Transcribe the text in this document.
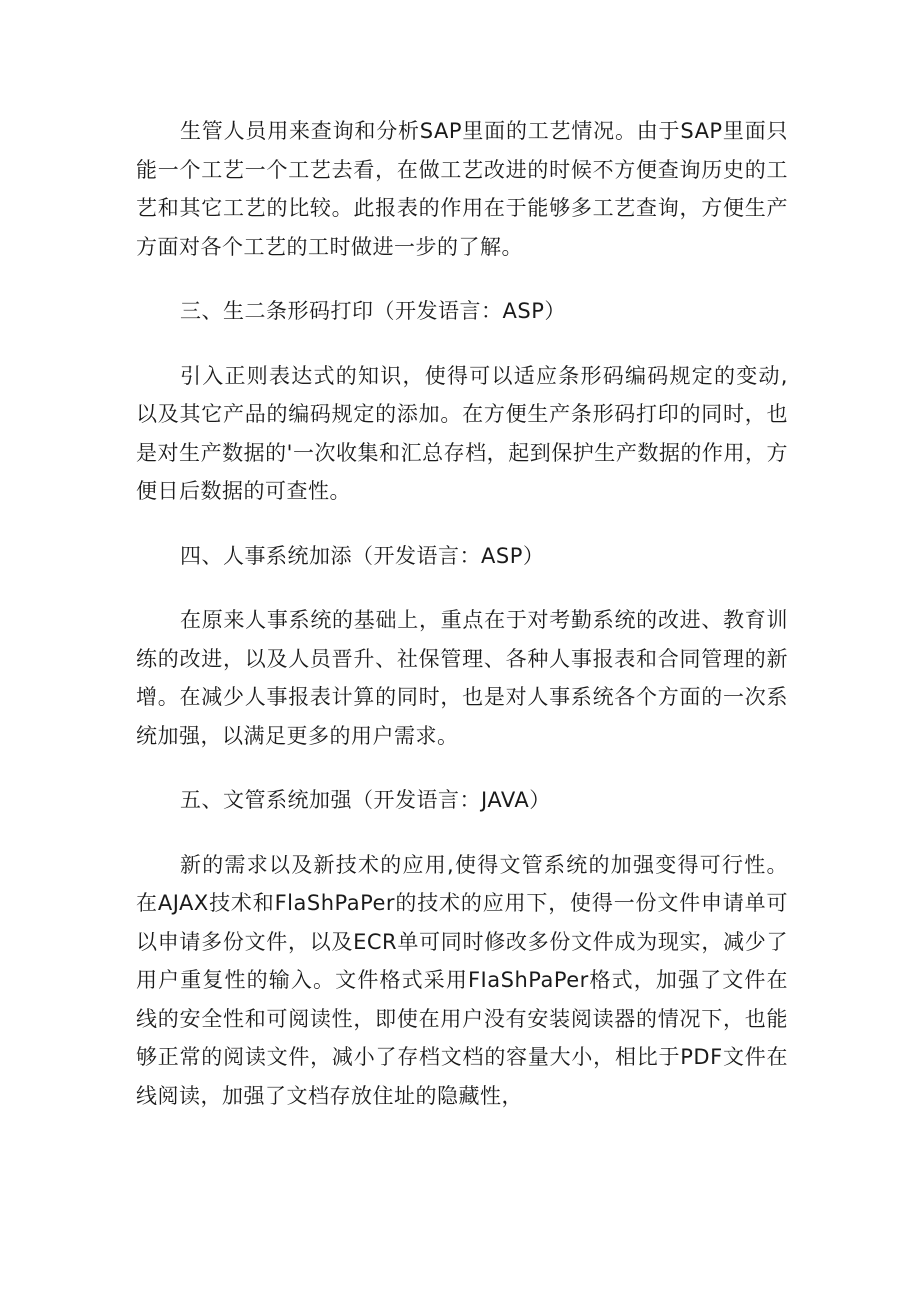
生管人员用来查询和分析SAP里面的工艺情况。由于SAP里面只能一个工艺一个工艺去看，在做工艺改进的时候不方便查询历史的工艺和其它工艺的比较。此报表的作用在于能够多工艺查询，方便生产方面对各个工艺的工时做进一步的了解。

三、生二条形码打印（开发语言：ASP）

引入正则表达式的知识，使得可以适应条形码编码规定的变动,以及其它产品的编码规定的添加。在方便生产条形码打印的同时，也是对生产数据的'一次收集和汇总存档，起到保护生产数据的作用，方便日后数据的可查性。

四、人事系统加添（开发语言：ASP）

在原来人事系统的基础上，重点在于对考勤系统的改进、教育训练的改进，以及人员晋升、社保管理、各种人事报表和合同管理的新增。在减少人事报表计算的同时，也是对人事系统各个方面的一次系统加强，以满足更多的用户需求。

五、文管系统加强（开发语言：JAVA）

新的需求以及新技术的应用,使得文管系统的加强变得可行性。在AJAX技术和FlaShPaPer的技术的应用下，使得一份文件申请单可以申请多份文件，以及ECR单可同时修改多份文件成为现实，减少了用户重复性的输入。文件格式采用FIaShPaPer格式，加强了文件在线的安全性和可阅读性，即使在用户没有安装阅读器的情况下，也能够正常的阅读文件，减小了存档文档的容量大小，相比于PDF文件在线阅读，加强了文档存放住址的隐藏性，
